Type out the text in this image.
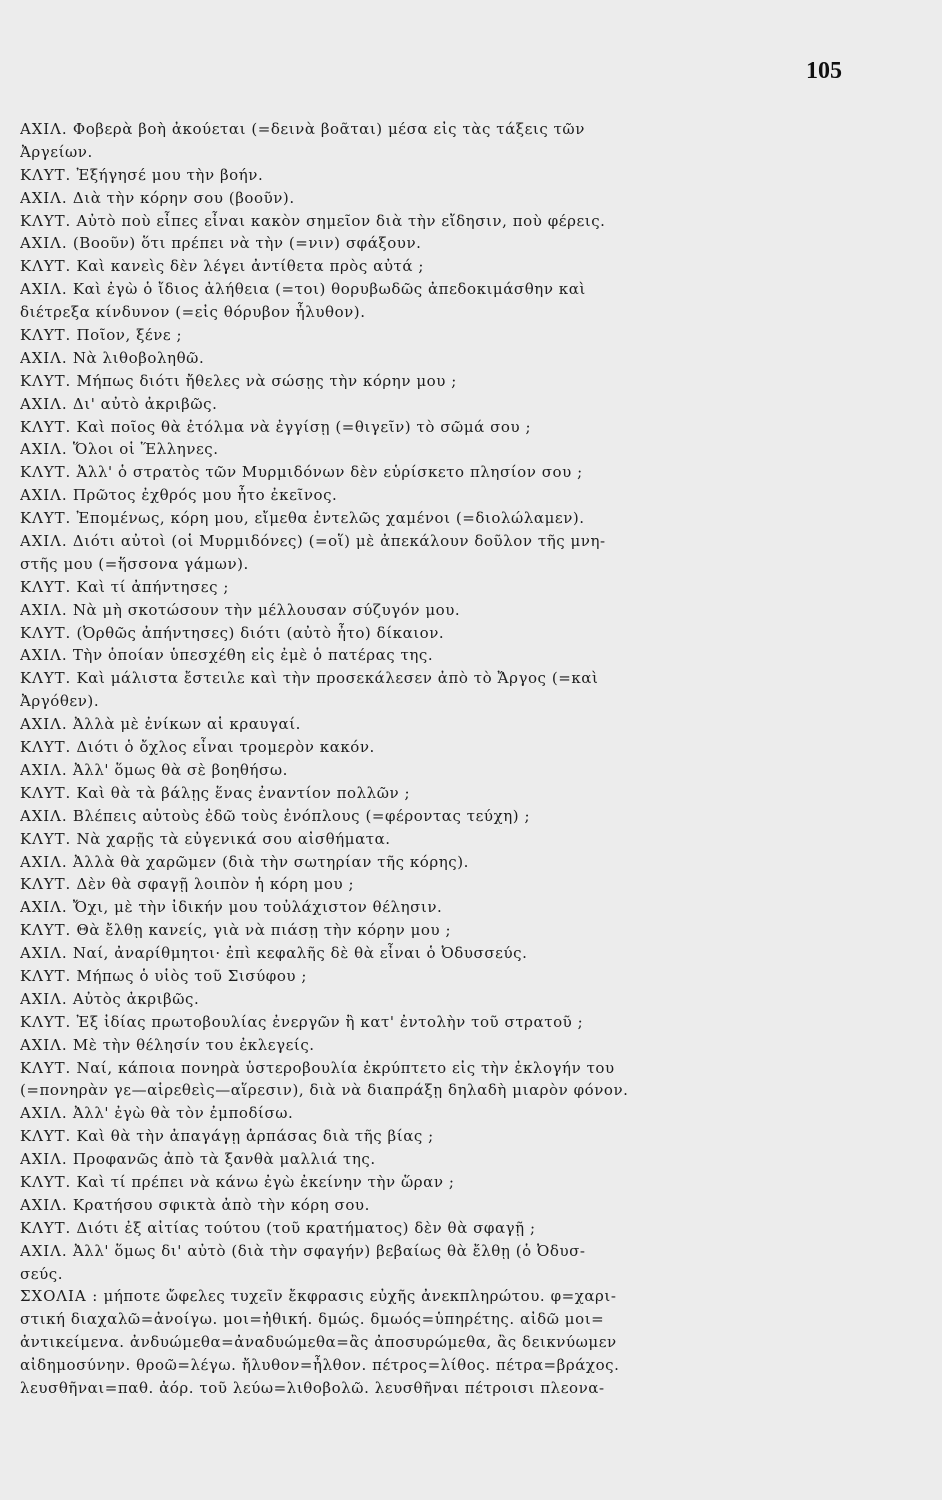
105
ΑΧΙΛ. Φοβερὰ βοὴ ἀκούεται (=δεινὰ βοᾶται) μέσα εἰς τὰς τάξεις τῶν
Ἀργείων.
ΚΛΥΤ. Ἐξήγησέ μου τὴν βοήν.
ΑΧΙΛ. Διὰ τὴν κόρην σου (βοοῦν).
ΚΛΥΤ. Αὐτὸ ποὺ εἶπες εἶναι κακὸν σημεῖον διὰ τὴν εἴδησιν, ποὺ φέρεις.
ΑΧΙΛ. (Βοοῦν) ὅτι πρέπει νὰ τὴν (=νιν) σφάξουν.
ΚΛΥΤ. Καὶ κανεὶς δὲν λέγει ἀντίθετα πρὸς αὐτά ;
ΑΧΙΛ. Καὶ ἐγὼ ὁ ἴδιος ἀλήθεια (=τοι) θορυβωδῶς ἀπεδοκιμάσθην καὶ
διέτρεξα κίνδυνον (=εἰς θόρυβον ἦλυθον).
ΚΛΥΤ. Ποῖον, ξένε ;
ΑΧΙΛ. Νὰ λιθοβοληθῶ.
ΚΛΥΤ. Μήπως διότι ἤθελες νὰ σώσῃς τὴν κόρην μου ;
ΑΧΙΛ. Δι' αὐτὸ ἀκριβῶς.
ΚΛΥΤ. Καὶ ποῖος θὰ ἐτόλμα νὰ ἐγγίσῃ (=θιγεῖν) τὸ σῶμά σου ;
ΑΧΙΛ. Ὅλοι οἱ Ἕλληνες.
ΚΛΥΤ. Ἀλλ' ὁ στρατὸς τῶν Μυρμιδόνων δὲν εὑρίσκετο πλησίον σου ;
ΑΧΙΛ. Πρῶτος ἐχθρός μου ἦτο ἐκεῖνος.
ΚΛΥΤ. Ἐπομένως, κόρη μου, εἴμεθα ἐντελῶς χαμένοι (=διολώλαμεν).
ΑΧΙΛ. Διότι αὐτοὶ (οἱ Μυρμιδόνες) (=οἵ) μὲ ἀπεκάλουν δοῦλον τῆς μνη-
στῆς μου (=ἥσσονα γάμων).
ΚΛΥΤ. Καὶ τί ἀπήντησες ;
ΑΧΙΛ. Νὰ μὴ σκοτώσουν τὴν μέλλουσαν σύζυγόν μου.
ΚΛΥΤ. (Ὀρθῶς ἀπήντησες) διότι (αὐτὸ ἦτο) δίκαιον.
ΑΧΙΛ. Τὴν ὁποίαν ὑπεσχέθη εἰς ἐμὲ ὁ πατέρας της.
ΚΛΥΤ. Καὶ μάλιστα ἔστειλε καὶ τὴν προσεκάλεσεν ἀπὸ τὸ Ἄργος (=καὶ
Ἀργόθεν).
ΑΧΙΛ. Ἀλλὰ μὲ ἐνίκων αἱ κραυγαί.
ΚΛΥΤ. Διότι ὁ ὄχλος εἶναι τρομερὸν κακόν.
ΑΧΙΛ. Ἀλλ' ὅμως θὰ σὲ βοηθήσω.
ΚΛΥΤ. Καὶ θὰ τὰ βάλῃς ἕνας ἐναντίον πολλῶν ;
ΑΧΙΛ. Βλέπεις αὐτοὺς ἐδῶ τοὺς ἐνόπλους (=φέροντας τεύχη) ;
ΚΛΥΤ. Νὰ χαρῇς τὰ εὐγενικά σου αἰσθήματα.
ΑΧΙΛ. Ἀλλὰ θὰ χαρῶμεν (διὰ τὴν σωτηρίαν τῆς κόρης).
ΚΛΥΤ. Δὲν θὰ σφαγῇ λοιπὸν ἡ κόρη μου ;
ΑΧΙΛ. Ὄχι, μὲ τὴν ἰδικήν μου τοὐλάχιστον θέλησιν.
ΚΛΥΤ. Θὰ ἔλθῃ κανείς, γιὰ νὰ πιάσῃ τὴν κόρην μου ;
ΑΧΙΛ. Ναί, ἀναρίθμητοι· ἐπὶ κεφαλῆς δὲ θὰ εἶναι ὁ Ὀδυσσεύς.
ΚΛΥΤ. Μήπως ὁ υἱὸς τοῦ Σισύφου ;
ΑΧΙΛ. Αὐτὸς ἀκριβῶς.
ΚΛΥΤ. Ἐξ ἰδίας πρωτοβουλίας ἐνεργῶν ἢ κατ' ἐντολὴν τοῦ στρατοῦ ;
ΑΧΙΛ. Μὲ τὴν θέλησίν του ἐκλεγείς.
ΚΛΥΤ. Ναί, κάποια πονηρὰ ὑστεροβουλία ἐκρύπτετο εἰς τὴν ἐκλογήν του
(=πονηρὰν γε—αἱρεθεὶς—αἵρεσιν), διὰ νὰ διαπράξῃ δηλαδὴ μιαρὸν φόνον.
ΑΧΙΛ. Ἀλλ' ἐγὼ θὰ τὸν ἐμποδίσω.
ΚΛΥΤ. Καὶ θὰ τὴν ἀπαγάγῃ ἁρπάσας διὰ τῆς βίας ;
ΑΧΙΛ. Προφανῶς ἀπὸ τὰ ξανθὰ μαλλιά της.
ΚΛΥΤ. Καὶ τί πρέπει νὰ κάνω ἐγὼ ἐκείνην τὴν ὥραν ;
ΑΧΙΛ. Κρατήσου σφικτὰ ἀπὸ τὴν κόρη σου.
ΚΛΥΤ. Διότι ἐξ αἰτίας τούτου (τοῦ κρατήματος) δὲν θὰ σφαγῇ ;
ΑΧΙΛ. Ἀλλ' ὅμως δι' αὐτὸ (διὰ τὴν σφαγήν) βεβαίως θὰ ἔλθῃ (ὁ Ὀδυσ-
σεύς.
ΣΧΟΛΙΑ : μήποτε ὤφελες τυχεῖν ἔκφρασις εὐχῆς ἀνεκπληρώτου. φ=χαρι-
στική διαχαλῶ=ἀνοίγω. μοι=ἠθική. δμώς. δμωός=ὑπηρέτης. αἰδῶ μοι=
ἀντικείμενα. ἀνδυώμεθα=ἀναδυώμεθα=ἂς ἀποσυρώμεθα, ἂς δεικνύωμεν
αἰδημοσύνην. θροῶ=λέγω. ἤλυθον=ἦλθον. πέτρος=λίθος. πέτρα=βράχος.
λευσθῆναι=παθ. ἀόρ. τοῦ λεύω=λιθοβολῶ. λευσθῆναι πέτροισι πλεονα-
